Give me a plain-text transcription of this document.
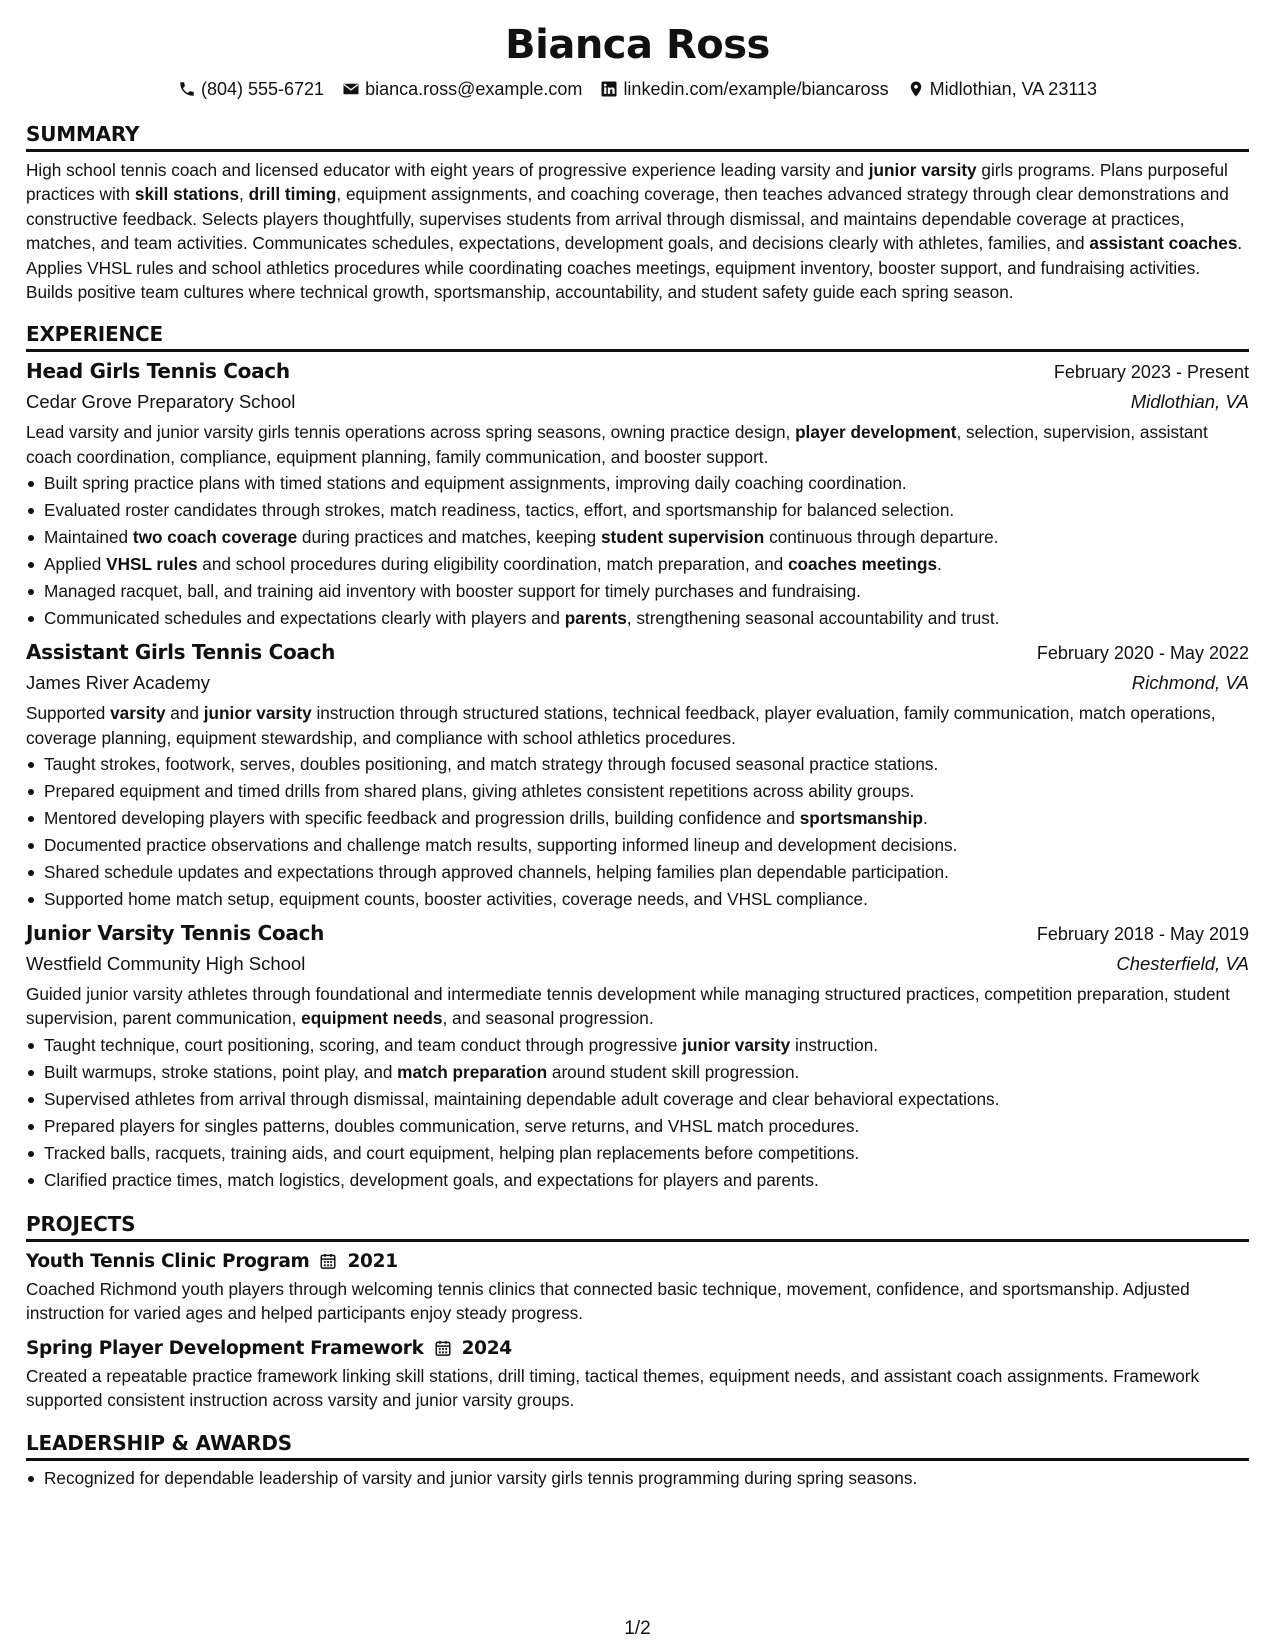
Bianca Ross
(804) 555-6721 bianca.ross@example.com linkedin.com/example/biancaross Midlothian, VA 23113
SUMMARY
High school tennis coach and licensed educator with eight years of progressive experience leading varsity and junior varsity girls programs. Plans purposeful practices with skill stations, drill timing, equipment assignments, and coaching coverage, then teaches advanced strategy through clear demonstrations and constructive feedback. Selects players thoughtfully, supervises students from arrival through dismissal, and maintains dependable coverage at practices, matches, and team activities. Communicates schedules, expectations, development goals, and decisions clearly with athletes, families, and assistant coaches. Applies VHSL rules and school athletics procedures while coordinating coaches meetings, equipment inventory, booster support, and fundraising activities. Builds positive team cultures where technical growth, sportsmanship, accountability, and student safety guide each spring season.
EXPERIENCE
Head Girls Tennis Coach	February 2023 - Present
Cedar Grove Preparatory School	Midlothian, VA
Lead varsity and junior varsity girls tennis operations across spring seasons, owning practice design, player development, selection, supervision, assistant coach coordination, compliance, equipment planning, family communication, and booster support.
Built spring practice plans with timed stations and equipment assignments, improving daily coaching coordination.
Evaluated roster candidates through strokes, match readiness, tactics, effort, and sportsmanship for balanced selection.
Maintained two coach coverage during practices and matches, keeping student supervision continuous through departure.
Applied VHSL rules and school procedures during eligibility coordination, match preparation, and coaches meetings.
Managed racquet, ball, and training aid inventory with booster support for timely purchases and fundraising.
Communicated schedules and expectations clearly with players and parents, strengthening seasonal accountability and trust.
Assistant Girls Tennis Coach	February 2020 - May 2022
James River Academy	Richmond, VA
Supported varsity and junior varsity instruction through structured stations, technical feedback, player evaluation, family communication, match operations, coverage planning, equipment stewardship, and compliance with school athletics procedures.
Taught strokes, footwork, serves, doubles positioning, and match strategy through focused seasonal practice stations.
Prepared equipment and timed drills from shared plans, giving athletes consistent repetitions across ability groups.
Mentored developing players with specific feedback and progression drills, building confidence and sportsmanship.
Documented practice observations and challenge match results, supporting informed lineup and development decisions.
Shared schedule updates and expectations through approved channels, helping families plan dependable participation.
Supported home match setup, equipment counts, booster activities, coverage needs, and VHSL compliance.
Junior Varsity Tennis Coach	February 2018 - May 2019
Westfield Community High School	Chesterfield, VA
Guided junior varsity athletes through foundational and intermediate tennis development while managing structured practices, competition preparation, student supervision, parent communication, equipment needs, and seasonal progression.
Taught technique, court positioning, scoring, and team conduct through progressive junior varsity instruction.
Built warmups, stroke stations, point play, and match preparation around student skill progression.
Supervised athletes from arrival through dismissal, maintaining dependable adult coverage and clear behavioral expectations.
Prepared players for singles patterns, doubles communication, serve returns, and VHSL match procedures.
Tracked balls, racquets, training aids, and court equipment, helping plan replacements before competitions.
Clarified practice times, match logistics, development goals, and expectations for players and parents.
PROJECTS
Youth Tennis Clinic Program 2021
Coached Richmond youth players through welcoming tennis clinics that connected basic technique, movement, confidence, and sportsmanship. Adjusted instruction for varied ages and helped participants enjoy steady progress.
Spring Player Development Framework 2024
Created a repeatable practice framework linking skill stations, drill timing, tactical themes, equipment needs, and assistant coach assignments. Framework supported consistent instruction across varsity and junior varsity groups.
LEADERSHIP & AWARDS
Recognized for dependable leadership of varsity and junior varsity girls tennis programming during spring seasons.
1/2
